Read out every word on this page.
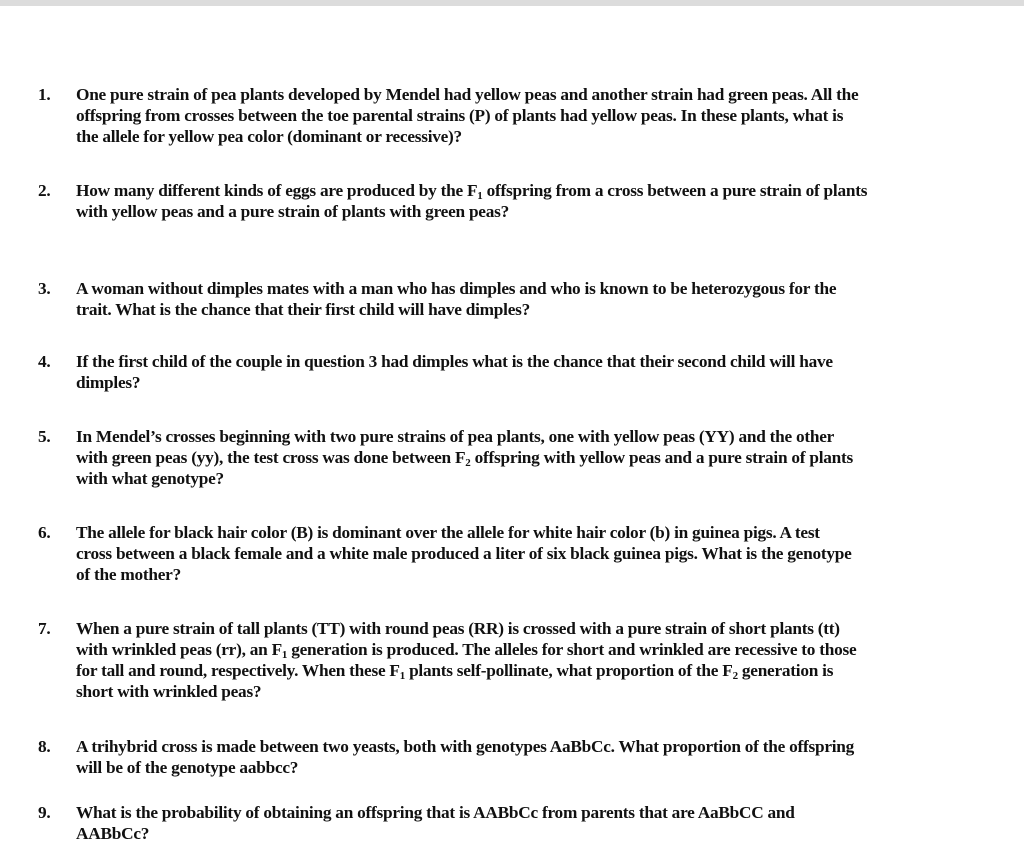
1.	One pure strain of pea plants developed by Mendel had yellow peas and another strain had green peas. All the
offspring from crosses between the toe parental strains (P) of plants had yellow peas. In these plants, what is
the allele for yellow pea color (dominant or recessive)?
2.	How many different kinds of eggs are produced by the $F_1$ offspring from a cross between a pure strain of plants
with yellow peas and a pure strain of plants with green peas?
3.	A woman without dimples mates with a man who has dimples and who is known to be heterozygous for the
trait. What is the chance that their first child will have dimples?
4.	If the first child of the couple in question 3 had dimples what is the chance that their second child will have
dimples?
5.	In Mendel’s crosses beginning with two pure strains of pea plants, one with yellow peas (YY) and the other
with green peas (yy), the test cross was done between $F_2$ offspring with yellow peas and a pure strain of plants
with what genotype?
6.	The allele for black hair color (B) is dominant over the allele for white hair color (b) in guinea pigs. A test
cross between a black female and a white male produced a liter of six black guinea pigs. What is the genotype
of the mother?
7.	When a pure strain of tall plants (TT) with round peas (RR) is crossed with a pure strain of short plants (tt)
with wrinkled peas (rr), an $F_1$ generation is produced. The alleles for short and wrinkled are recessive to those
for tall and round, respectively. When these $F_1$ plants self-pollinate, what proportion of the $F_2$ generation is
short with wrinkled peas?
8.	A trihybrid cross is made between two yeasts, both with genotypes AaBbCc. What proportion of the offspring
will be of the genotype aabbcc?
9.	What is the probability of obtaining an offspring that is AABbCc from parents that are AaBbCC and
AABbCc?
